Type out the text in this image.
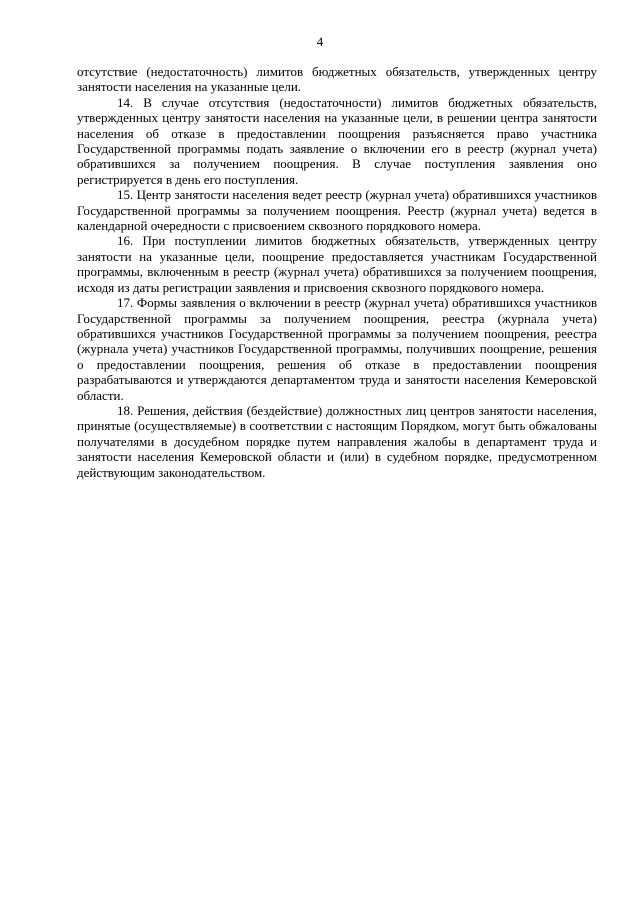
4

отсутствие (недостаточность) лимитов бюджетных обязательств, утвержденных центру занятости населения на указанные цели.

14. В случае отсутствия (недостаточности) лимитов бюджетных обязательств, утвержденных центру занятости населения на указанные цели, в решении центра занятости населения об отказе в предоставлении поощрения разъясняется право участника Государственной программы подать заявление о включении его в реестр (журнал учета) обратившихся за получением поощрения. В случае поступления заявления оно регистрируется в день его поступления.

15. Центр занятости населения ведет реестр (журнал учета) обратившихся участников Государственной программы за получением поощрения. Реестр (журнал учета) ведется в календарной очередности с присвоением сквозного порядкового номера.

16. При поступлении лимитов бюджетных обязательств, утвержденных центру занятости на указанные цели, поощрение предоставляется участникам Государственной программы, включенным в реестр (журнал учета) обратившихся за получением поощрения, исходя из даты регистрации заявления и присвоения сквозного порядкового номера.

17. Формы заявления о включении в реестр (журнал учета) обратившихся участников Государственной программы за получением поощрения, реестра (журнала учета) обратившихся участников Государственной программы за получением поощрения, реестра (журнала учета) участников Государственной программы, получивших поощрение, решения о предоставлении поощрения, решения об отказе в предоставлении поощрения разрабатываются и утверждаются департаментом труда и занятости населения Кемеровской области.

18. Решения, действия (бездействие) должностных лиц центров занятости населения, принятые (осуществляемые) в соответствии с настоящим Порядком, могут быть обжалованы получателями в досудебном порядке путем направления жалобы в департамент труда и занятости населения Кемеровской области и (или) в судебном порядке, предусмотренном действующим законодательством.
